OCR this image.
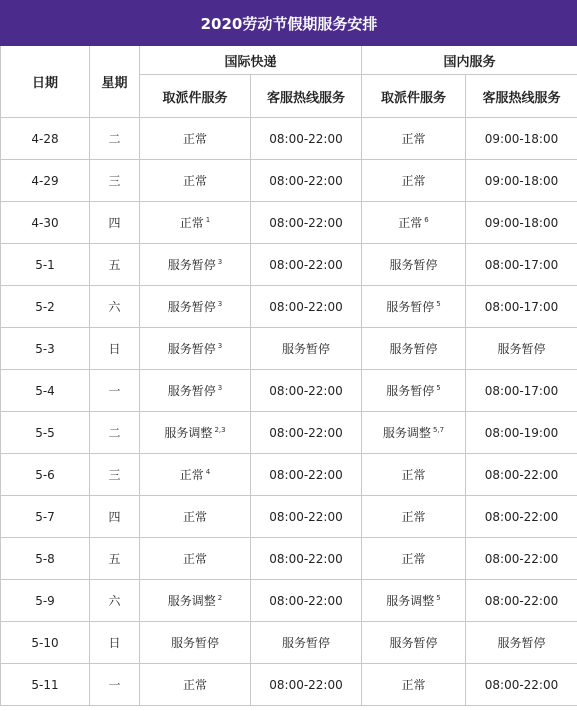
2020劳动节假期服务安排					
日期	星期	国际快递		国内服务	
		取派件服务	客服热线服务	取派件服务	客服热线服务
4-28	二	正常	08:00-22:00	正常	09:00-18:00
4-29	三	正常	08:00-22:00	正常	09:00-18:00
4-30	四	正常 $^1$	08:00-22:00	正常 $^6$	09:00-18:00
5-1	五	服务暂停 $^3$	08:00-22:00	服务暂停	08:00-17:00
5-2	六	服务暂停 $^3$	08:00-22:00	服务暂停 $^5$	08:00-17:00
5-3	日	服务暂停 $^3$	服务暂停	服务暂停	服务暂停
5-4	一	服务暂停 $^3$	08:00-22:00	服务暂停 $^5$	08:00-17:00
5-5	二	服务调整 $^{2,3}$	08:00-22:00	服务调整 $^{5,7}$	08:00-19:00
5-6	三	正常 $^4$	08:00-22:00	正常	08:00-22:00
5-7	四	正常	08:00-22:00	正常	08:00-22:00
5-8	五	正常	08:00-22:00	正常	08:00-22:00
5-9	六	服务调整 $^2$	08:00-22:00	服务调整 $^5$	08:00-22:00
5-10	日	服务暂停	服务暂停	服务暂停	服务暂停
5-11	一	正常	08:00-22:00	正常	08:00-22:00
